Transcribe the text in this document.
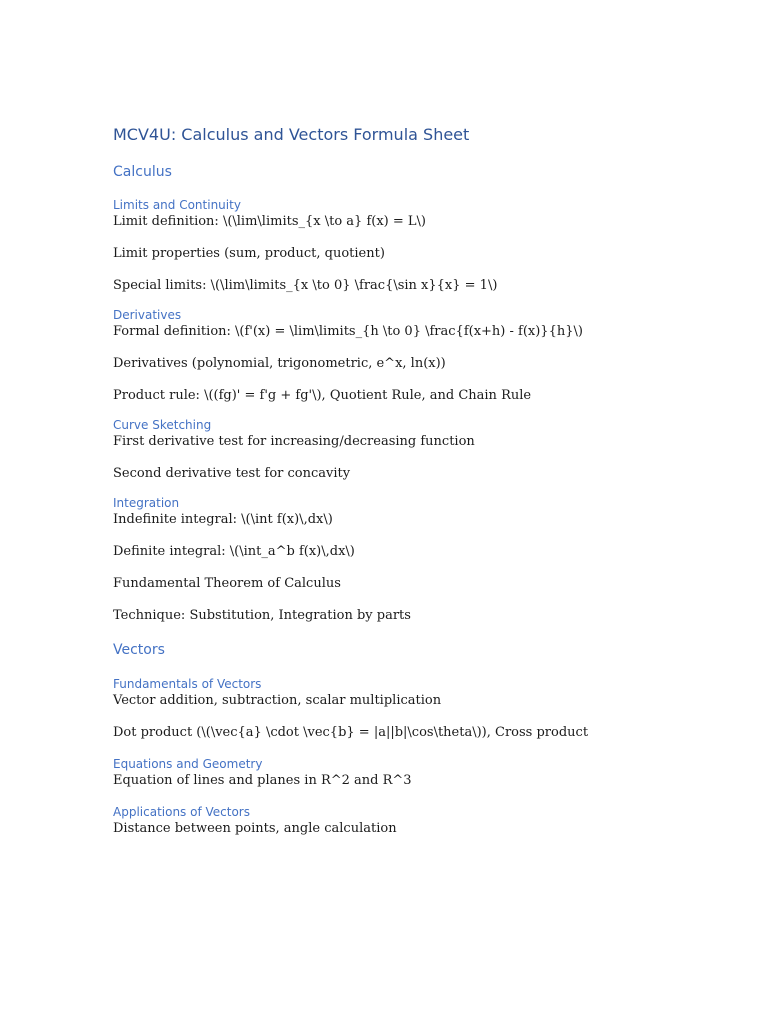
MCV4U: Calculus and Vectors Formula Sheet
Calculus
Limits and Continuity
Limit definition: \(\lim\limits_{x \to a} f(x) = L\)
Limit properties (sum, product, quotient)
Special limits: \(\lim\limits_{x \to 0} \frac{\sin x}{x} = 1\)
Derivatives
Formal definition: \(f'(x) = \lim\limits_{h \to 0} \frac{f(x+h) - f(x)}{h}\)
Derivatives (polynomial, trigonometric, e^x, ln(x))
Product rule: \((fg)' = f'g + fg'\), Quotient Rule, and Chain Rule
Curve Sketching
First derivative test for increasing/decreasing function
Second derivative test for concavity
Integration
Indefinite integral: \(\int f(x)\,dx\)
Definite integral: \(\int_a^b f(x)\,dx\)
Fundamental Theorem of Calculus
Technique: Substitution, Integration by parts
Vectors
Fundamentals of Vectors
Vector addition, subtraction, scalar multiplication
Dot product (\(\vec{a} \cdot \vec{b} = |a||b|\cos\theta\)), Cross product
Equations and Geometry
Equation of lines and planes in R^2 and R^3
Applications of Vectors
Distance between points, angle calculation
